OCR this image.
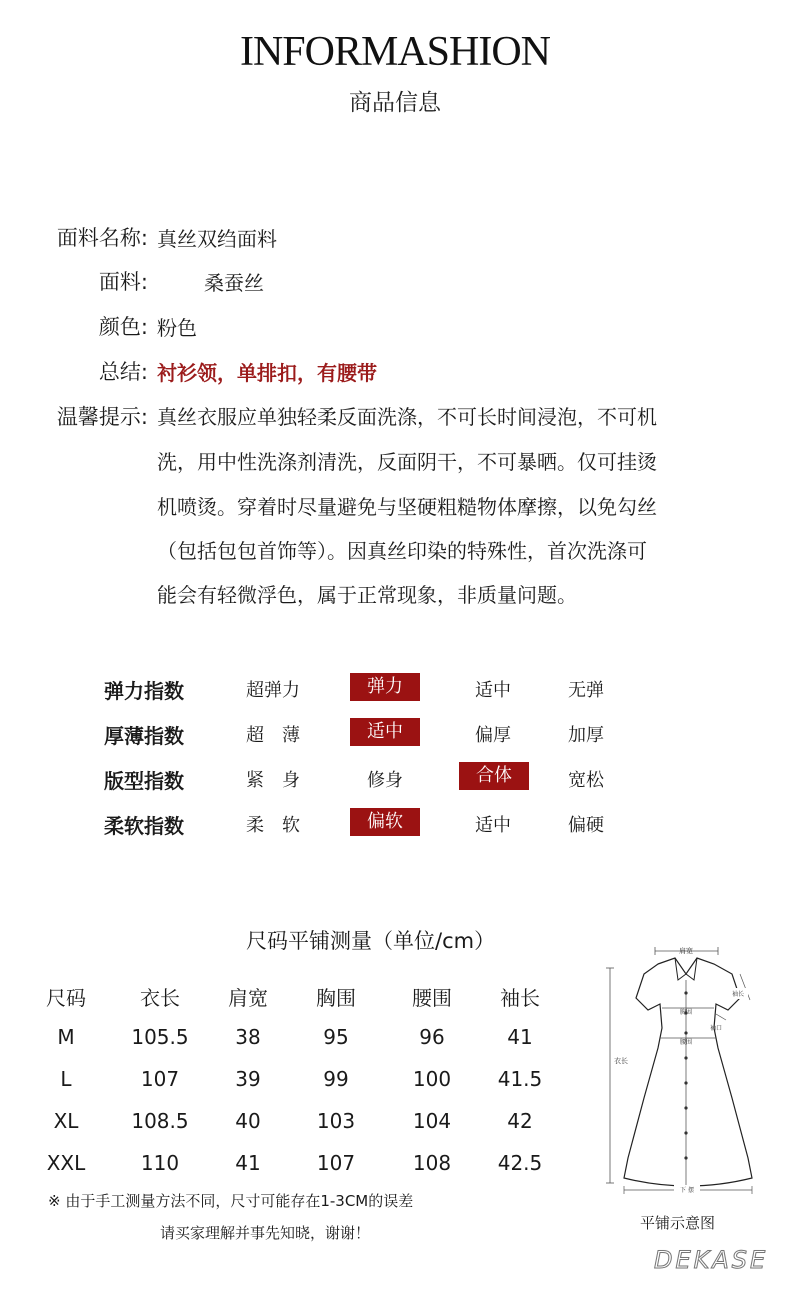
INFORMASHION
商品信息
面料名称: 真丝双绉面料
面料:	桑蚕丝
颜色: 粉色
总结: 衬衫领，单排扣，有腰带
温馨提示: 真丝衣服应单独轻柔反面洗涤，不可长时间浸泡，不可机
洗，用中性洗涤剂清洗，反面阴干，不可暴晒。仅可挂烫
机喷烫。穿着时尽量避免与坚硬粗糙物体摩擦，以免勾丝
（包括包包首饰等）。因真丝印染的特殊性，首次洗涤可
能会有轻微浮色，属于正常现象，非质量问题。
弹力指数	超弹力	弹力	适中	无弹
厚薄指数	超　薄	适中	偏厚	加厚
版型指数	紧　身	修身	合体	宽松
柔软指数	柔　软	偏软	适中	偏硬
尺码平铺测量（单位/cm）
尺码	衣长	肩宽	胸围	腰围	袖长
M	105.5	38	95	96	41
L	107	39	99	100	41.5
XL	108.5	40	103	104	42
XXL	110	41	107	108	42.5
※ 由于手工测量方法不同，尺寸可能存在1-3CM的误差
请买家理解并事先知晓，谢谢！
肩宽
衣长
胸围
腰围
袖长
袖口
下 摆
平铺示意图
DEKASE
